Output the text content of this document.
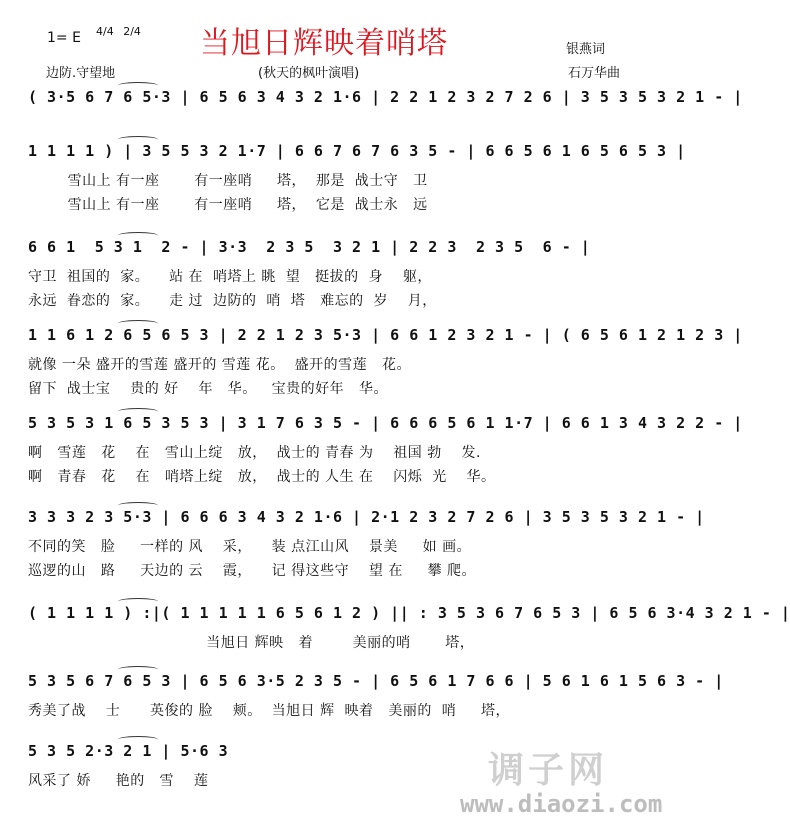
当旭日辉映着哨塔
1= E 4/4 2/4
银燕词
边防.守望地	(秋天的枫叶演唱)	石万华曲
( 3·5 6 7 6 5·3 | 6 5 6 3 4 3 2 1·6 | 2 2 1 2 3 2 7 2 6 | 3 5 3 5 3 2 1 - |
1 1 1 1 ) | 3 5 5 3 2 1·7 | 6 6 7 6 7 6 3 5 - | 6 6 5 6 1 6 5 6 5 3 |
雪山上 有一座       有一座哨     塔，  那是  战士守   卫
雪山上 有一座       有一座哨     塔，  它是  战士永   远
6 6 1  5 3 1  2 - | 3·3  2 3 5  3 2 1 | 2 2 3  2 3 5  6 - |
守卫  祖国的  家。    站 在  哨塔上 眺  望   挺拔的  身    躯，
永远  眷恋的  家。    走 过  边防的  哨  塔   难忘的  岁    月，
1 1 6 1 2 6 5 6 5 3 | 2 2 1 2 3 5·3 | 6 6 1 2 3 2 1 - | ( 6 5 6 1 2 1 2 3 |
就像 一朵 盛开的雪莲 盛开的 雪莲 花。  盛开的雪莲   花。
留下  战士宝    贵的 好    年   华。   宝贵的好年   华。
5 3 5 3 1 6 5 3 5 3 | 3 1 7 6 3 5 - | 6 6 6 5 6 1 1·7 | 6 6 1 3 4 3 2 2 - |
啊   雪莲   花    在   雪山上绽   放，  战士的 青春 为    祖国 勃    发.
啊   青春   花    在   哨塔上绽   放，  战士的 人生 在    闪烁  光    华。
3 3 3 2 3 5·3 | 6 6 6 3 4 3 2 1·6 | 2·1 2 3 2 7 2 6 | 3 5 3 5 3 2 1 - |
不同的笑   脸     一样的 风    采，    装 点江山风    景美     如 画。
巡逻的山   路     天边的 云    霞，    记 得这些守    望 在     攀 爬。
( 1 1 1 1 ) :|( 1 1 1 1 1 6 5 6 1 2 ) || : 3 5 3 6 7 6 5 3 | 6 5 6 3·4 3 2 1 - |
当旭日 辉映   着        美丽的哨       塔，
5 3 5 6 7 6 5 3 | 6 5 6 3·5 2 3 5 - | 6 5 6 1 7 6 6 | 5 6 1 6 1 5 6 3 - |
秀美了战    士      英俊的 脸    颊。  当旭日 辉  映着   美丽的  哨     塔，
5 3 5 2·3 2 1 | 5·6 3
风采了 娇     艳的   雪    莲	调子网
www.diaozi.com
